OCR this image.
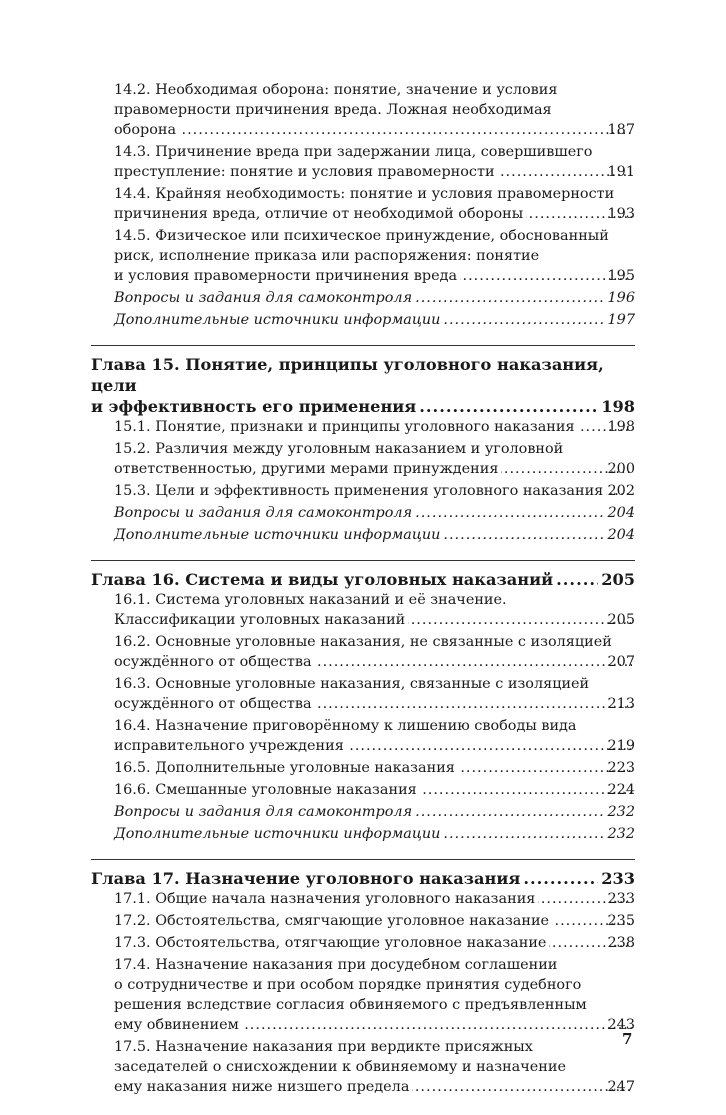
14.2. Необходимая оборона: понятие, значение и условия
правомерности причинения вреда. Ложная необходимая
оборона .....	187
14.3. Причинение вреда при задержании лица, совершившего
преступление: понятие и условия правомерности .....	191
14.4. Крайняя необходимость: понятие и условия правомерности
причинения вреда, отличие от необходимой обороны .....	193
14.5. Физическое или психическое принуждение, обоснованный
риск, исполнение приказа или распоряжения: понятие
и условия правомерности причинения вреда .....	195
Вопросы и задания для самоконтроля .....	196
Дополнительные источники информации .....	197
Глава 15. Понятие, принципы уголовного наказания, цели
и эффективность его применения .....	198
15.1. Понятие, признаки и принципы уголовного наказания ..... 198
15.2. Различия между уголовным наказанием и уголовной
ответственностью, другими мерами принуждения .....	200
15.3. Цели и эффективность применения уголовного наказания ..... 202
Вопросы и задания для самоконтроля .....	204
Дополнительные источники информации .....	204
Глава 16. Система и виды уголовных наказаний .....	205
16.1. Система уголовных наказаний и её значение.
Классификации уголовных наказаний .....	205
16.2. Основные уголовные наказания, не связанные с изоляцией
осуждённого от общества .....	207
16.3. Основные уголовные наказания, связанные с изоляцией
осуждённого от общества .....	213
16.4. Назначение приговорённому к лишению свободы вида
исправительного учреждения .....	219
16.5. Дополнительные уголовные наказания .....	223
16.6. Смешанные уголовные наказания .....	224
Вопросы и задания для самоконтроля .....	232
Дополнительные источники информации .....	232
Глава 17. Назначение уголовного наказания .....	233
17.1. Общие начала назначения уголовного наказания .....	233
17.2. Обстоятельства, смягчающие уголовное наказание .....	235
17.3. Обстоятельства, отягчающие уголовное наказание .....	238
17.4. Назначение наказания при досудебном соглашении
о сотрудничестве и при особом порядке принятия судебного
решения вследствие согласия обвиняемого с предъявленным
ему обвинением .....	243
17.5. Назначение наказания при вердикте присяжных
заседателей о снисхождении к обвиняемому и назначение
ему наказания ниже низшего предела .....	247
7
